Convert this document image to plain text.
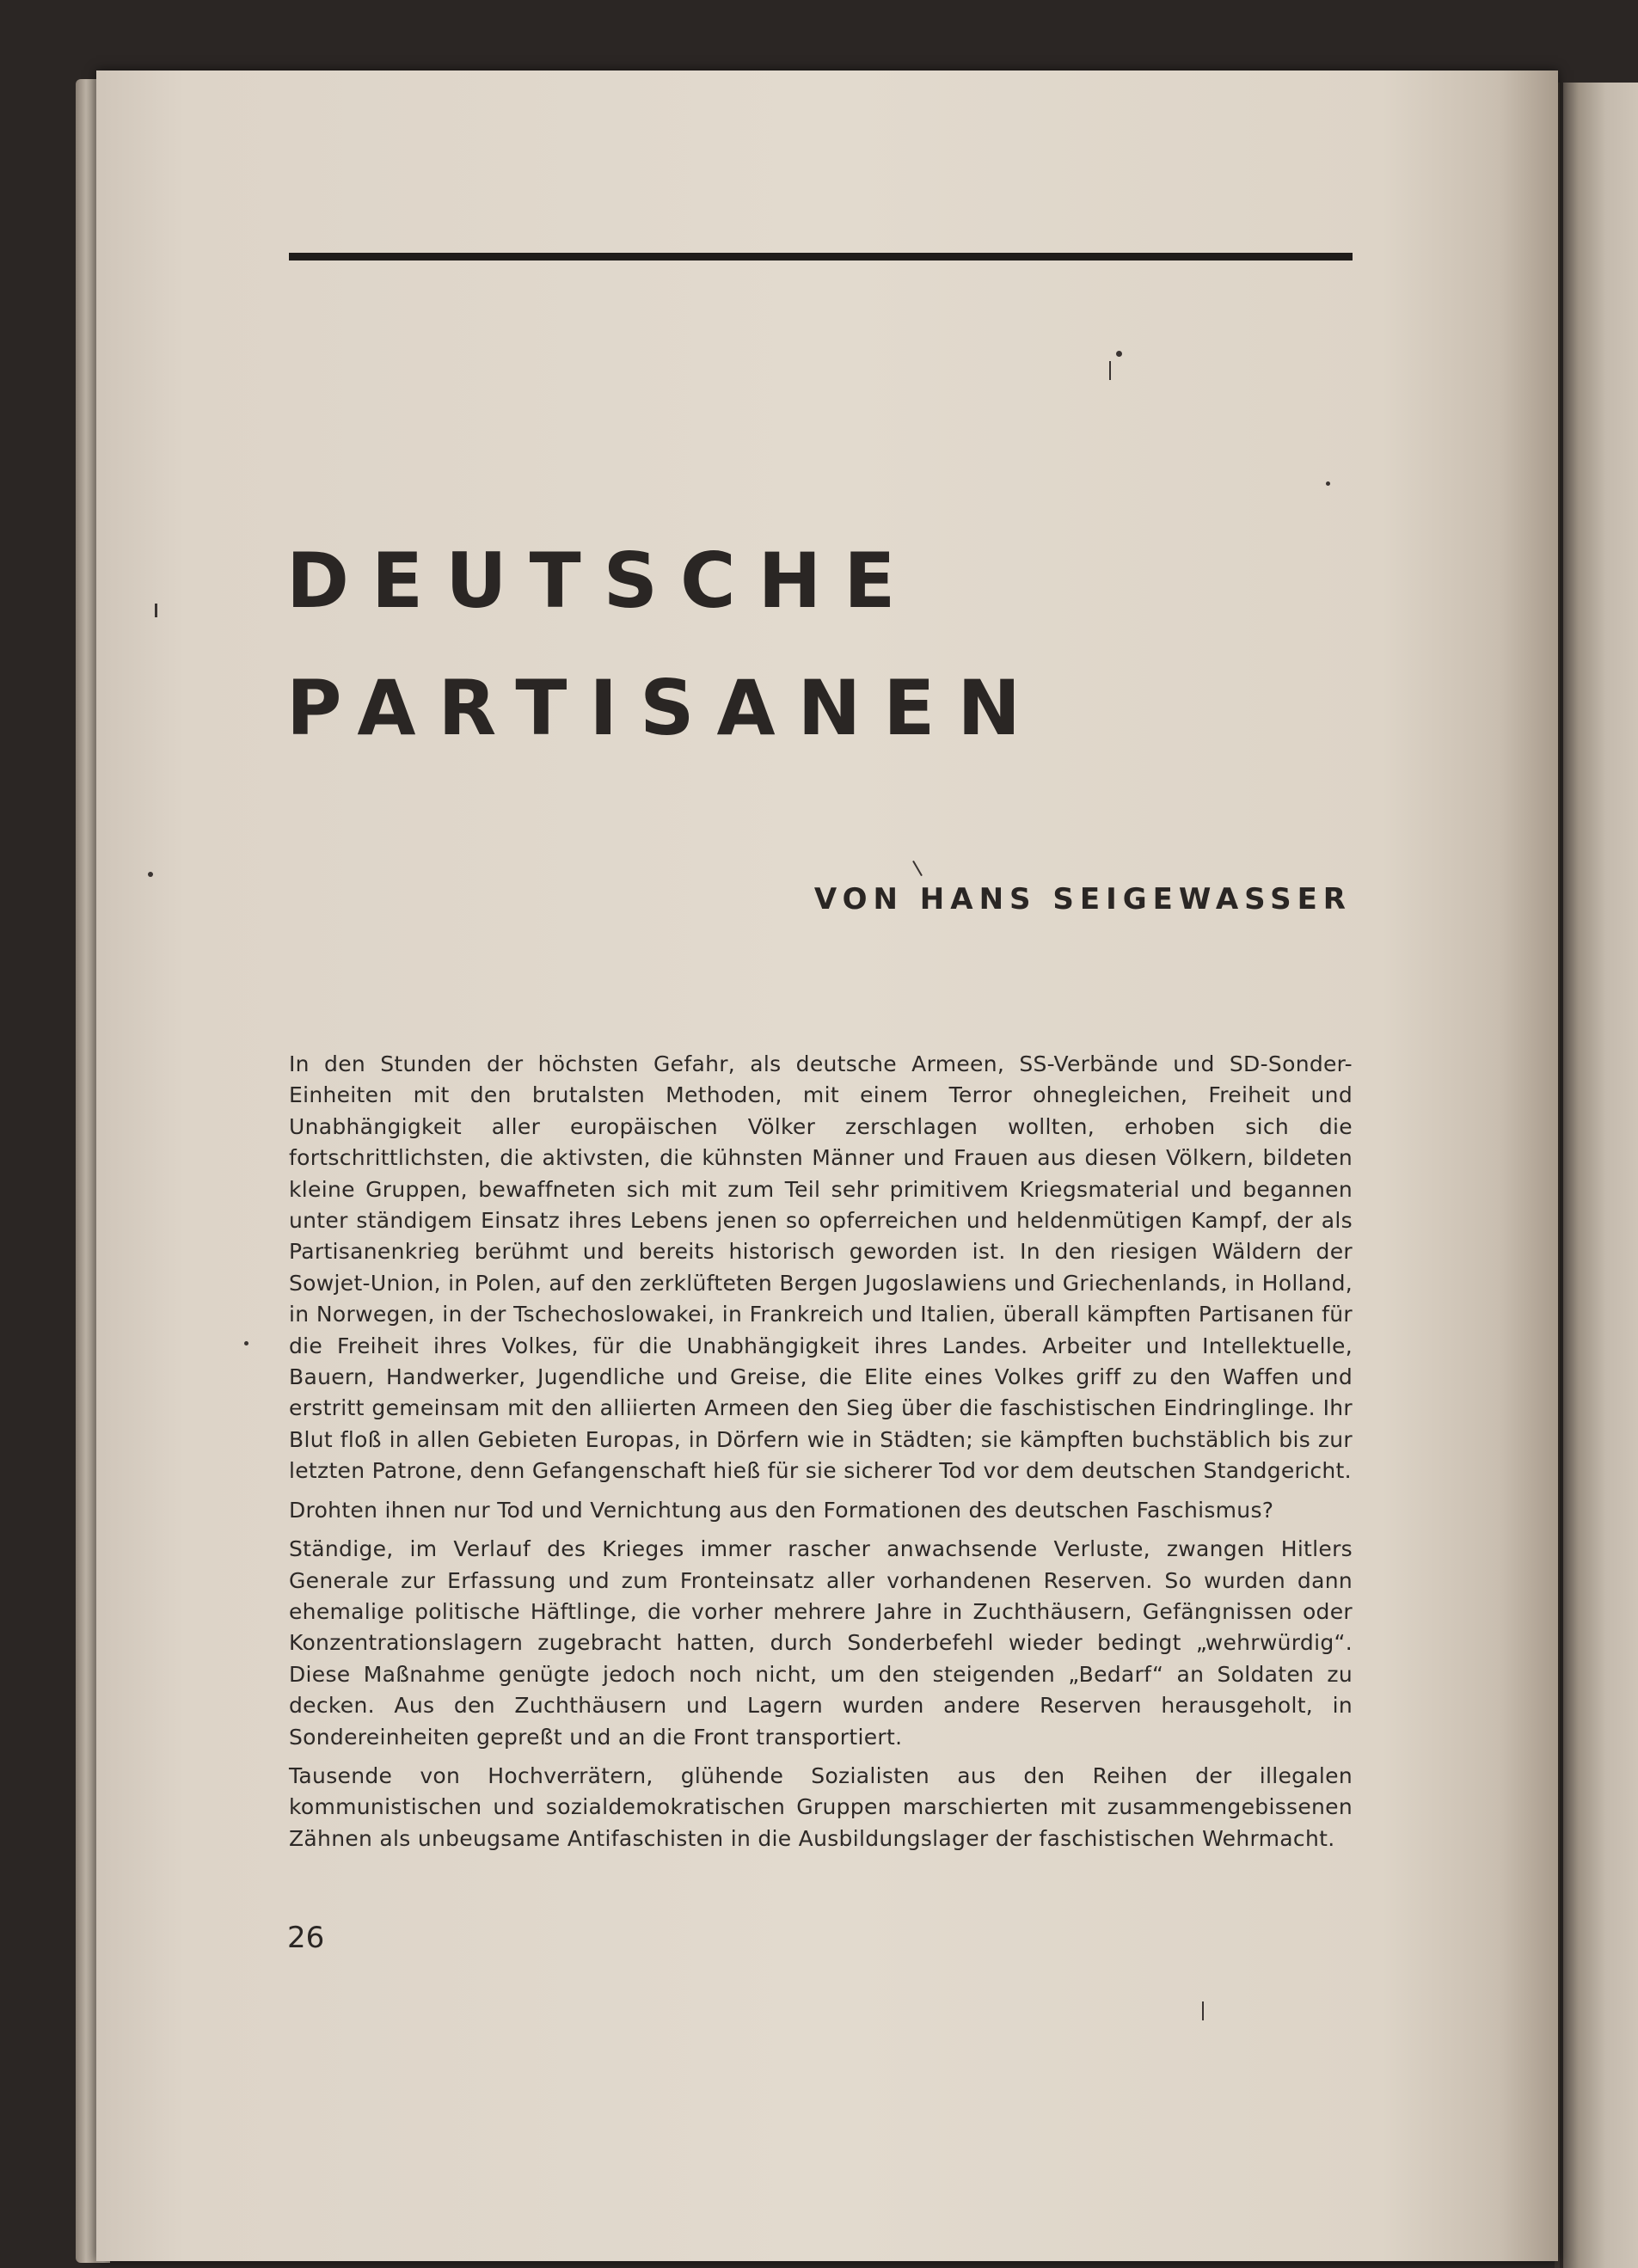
DEUTSCHE
PARTISANEN
VON HANS SEIGEWASSER

In den Stunden der höchsten Gefahr, als deutsche Armeen, SS-Verbände und SD-Sonder-Einheiten mit den brutalsten Methoden, mit einem Terror ohnegleichen, Freiheit und Unabhängigkeit aller europäischen Völker zerschlagen wollten, erhoben sich die fortschrittlichsten, die aktivsten, die kühnsten Männer und Frauen aus diesen Völkern, bildeten kleine Gruppen, bewaffneten sich mit zum Teil sehr primitivem Kriegsmaterial und begannen unter ständigem Einsatz ihres Lebens jenen so opferreichen und heldenmütigen Kampf, der als Partisanenkrieg berühmt und bereits historisch geworden ist. In den riesigen Wäldern der Sowjet-Union, in Polen, auf den zerklüfteten Bergen Jugoslawiens und Griechenlands, in Holland, in Norwegen, in der Tschechoslowakei, in Frankreich und Italien, überall kämpften Partisanen für die Freiheit ihres Volkes, für die Unabhängigkeit ihres Landes. Arbeiter und Intellektuelle, Bauern, Handwerker, Jugendliche und Greise, die Elite eines Volkes griff zu den Waffen und erstritt gemeinsam mit den alliierten Armeen den Sieg über die faschistischen Eindringlinge. Ihr Blut floß in allen Gebieten Europas, in Dörfern wie in Städten; sie kämpften buchstäblich bis zur letzten Patrone, denn Gefangenschaft hieß für sie sicherer Tod vor dem deutschen Standgericht.

Drohten ihnen nur Tod und Vernichtung aus den Formationen des deutschen Faschismus?

Ständige, im Verlauf des Krieges immer rascher anwachsende Verluste, zwangen Hitlers Generale zur Erfassung und zum Fronteinsatz aller vorhandenen Reserven. So wurden dann ehemalige politische Häftlinge, die vorher mehrere Jahre in Zuchthäusern, Gefängnissen oder Konzentrationslagern zugebracht hatten, durch Sonderbefehl wieder bedingt „wehrwürdig“. Diese Maßnahme genügte jedoch noch nicht, um den steigenden „Bedarf“ an Soldaten zu decken. Aus den Zuchthäusern und Lagern wurden andere Reserven herausgeholt, in Sondereinheiten gepreßt und an die Front transportiert.

Tausende von Hochverrätern, glühende Sozialisten aus den Reihen der illegalen kommunistischen und sozialdemokratischen Gruppen marschierten mit zusammengebissenen Zähnen als unbeugsame Antifaschisten in die Ausbildungslager der faschistischen Wehrmacht.

26
